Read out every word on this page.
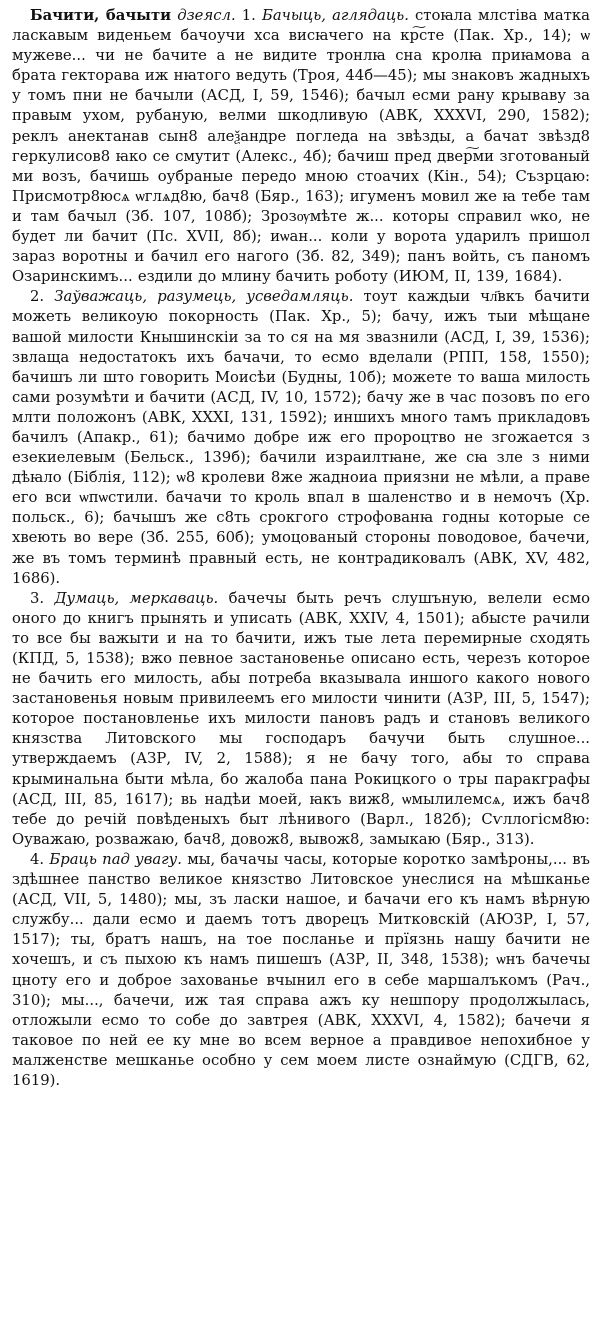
Бачити, бачыти дзеясл. 1. Бачыць, аглядаць. стоꙗла млстіва матка ласкавым виденьем бачоучи хса висꙗчего на кр͠сте (Пак. Хр., 14); ѡ мужеве... чи не бачите а не видите тронлꙗ сна кролꙗ приꙗмова а брата гекторава иж нꙗтого ведуть (Троя, 44б—45); мы знаковъ жадныхъ у томъ пни не бачыли (АСД, I, 59, 1546); бачыл есми рану крываву за правым ухом, рубаную, велми шкодливую (АВК, XXXVI, 290, 1582); реклъ анектанав сын8 алеѯандре погледа на звѣзды, а бачат звѣзд8 геркулисов8 ꙗко се смутит (Алекс., 4б); бачиш пред двер͠ми зготованый ми возъ, бачишь оубраные передо мною стоачих (Кін., 54); Съзрцаю: Присмотр8юсѧ ѡглѧд8ю, бач8 (Бяр., 163); игуменъ мовил же ꙗ тебе там и там бачыл (Зб. 107, 108б); Зрозѹмѣте ж... которы справил ѡко, не будет ли бачит (Пс. XVII, 8б); иѡан... коли у ворота ударилъ пришол зараз воротны и бачил его нагого (Зб. 82, 349); панъ войть, съ паномъ Озаринскимъ... ездили до млину бачить роботу (ИЮМ, II, 139, 1684).

2. Заўважаць, разумець, усведамляць. тоут каждыи чл҃вкъ бачити можеть великоую покорность (Пак. Хр., 5); бачу, ижъ тыи мѣщане вашой милости Кнышинскіи за то ся на мя звазнили (АСД, I, 39, 1536); звлаща недостатокъ ихъ бачачи, то есмо вделали (РПП, 158, 1550); бачишъ ли што говорить Моисѣи (Будны, 10б); можете то ваша милость сами розумѣти и бачити (АСД, IV, 10, 1572); бачу же в час позовъ по его млти положонъ (АВК, XXXI, 131, 1592); иншихъ много тамъ прикладовъ бачилъ (Апакр., 61); бачимо добре иж его пророцтво не згожается з езекиелевым (Бельск., 139б); бачили израилтꙗне, же сꙗ зле з ними дѣꙗло (Біблія, 112); ѡ8 кролеви 8же жадноиа приязни не мѣли, а праве его вси ѡпѡстили. бачачи то кроль впал в шаленство и в немочъ (Хр. польск., 6); бачышъ же с8ть срокгого строфованꙗ годны которые се хвеють во вере (Зб. 255, 60б); умоцованый стороны поводовое, бачечи, же въ томъ терминѣ правный есть, не контрадиковалъ (АВК, XV, 482, 1686).

3. Думаць, меркаваць. бачечы быть речъ слушъную, велели есмо оного до книгъ прынять и уписать (АВК, XXIV, 4, 1501); абысте рачили то все бы важыти и на то бачити, ижъ тые лета перемирные сходять (КПД, 5, 1538); вжо певное застановенье описано есть, черезъ которое не бачить его милость, абы потреба вказывала иншого какого нового застановенья новым привилеемъ его милости чинити (АЗР, III, 5, 1547); которое постановленье ихъ милости пановъ радъ и становъ великого князства Литовского мы господаръ бачучи быть слушное... утверждаемъ (АЗР, IV, 2, 1588); я не бачу того, абы то справа крыминальна быти мѣла, бо жалоба пана Рокицкого о тры паракграфы (АСД, III, 85, 1617); вь надѣи моей, ꙗкъ виж8, ѡмылилемсѧ, ижъ бач8 тебе до речій повѣденыхъ быт лѣнивого (Варл., 182б); Сѵллогісм8ю: Оуважаю, розважаю, бач8, довож8, вывож8, замыкаю (Бяр., 313).

4. Браць пад увагу. мы, бачачы часы, которые коротко замѣроны,... въ здѣшнее панство великое князство Литовское унеслися на мѣшканье (АСД, VII, 5, 1480); мы, зъ ласки нашое, и бачачи его къ намъ вѣрную службу... дали есмо и даемъ тотъ дворецъ Митковскій (АЮЗР, I, 57, 1517); ты, братъ нашъ, на тое посланье и прїязнь нашу бачити не хочешъ, и съ пыхою къ намъ пишешъ (АЗР, II, 348, 1538); ѡнъ бачечы цноту его и доброе захованье вчынил его в себе маршалъкомъ (Рач., 310); мы..., бачечи, иж тая справа ажъ ку нешпору продолжылась, отложыли есмо то собе до завтрея (АВК, XXXVI, 4, 1582); бачечи я таковое по ней ее ку мне во всем верное а правдивое непохибное у малженстве мешканье особно у сем моем листе ознаймую (СДГВ, 62, 1619).
